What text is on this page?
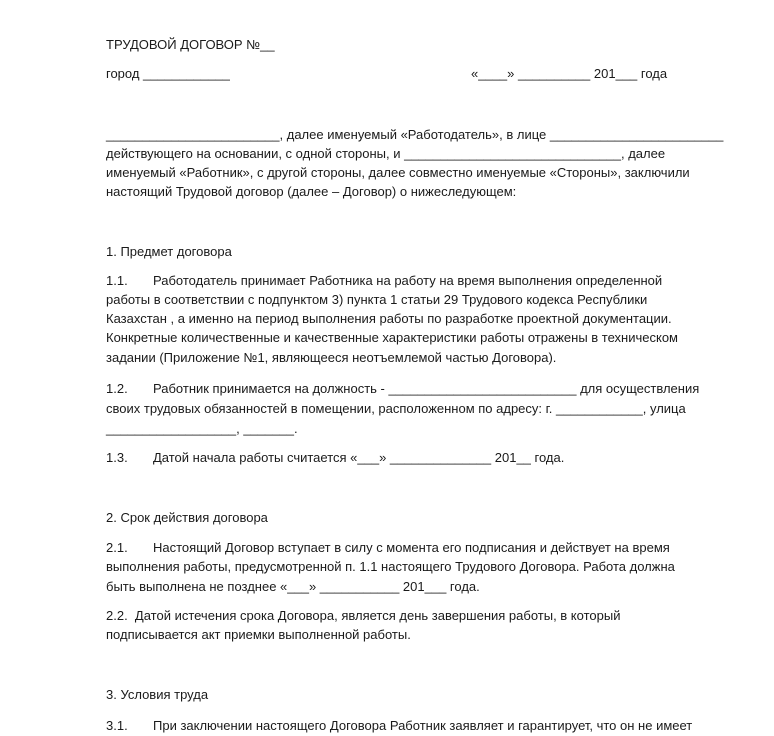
ТРУДОВОЙ ДОГОВОР №__
город ____________	«____» __________ 201___ года
________________________, далее именуемый «Работодатель», в лице ________________________
действующего на основании, с одной стороны, и ______________________________, далее
именуемый «Работник», с другой стороны, далее совместно именуемые «Стороны», заключили
настоящий Трудовой договор (далее – Договор) о нижеследующем:
1. Предмет договора
1.1. Работодатель принимает Работника на работу на время выполнения определенной
работы в соответствии с подпунктом 3) пункта 1 статьи 29 Трудового кодекса Республики
Казахстан , а именно на период выполнения работы по разработке проектной документации.
Конкретные количественные и качественные характеристики работы отражены в техническом
задании (Приложение №1, являющееся неотъемлемой частью Договора).
1.2. Работник принимается на должность - __________________________ для осуществления
своих трудовых обязанностей в помещении, расположенном по адресу: г. ____________, улица
__________________, _______.
1.3. Датой начала работы считается «___» ______________ 201__ года.
2. Срок действия договора
2.1. Настоящий Договор вступает в силу с момента его подписания и действует на время
выполнения работы, предусмотренной п. 1.1 настоящего Трудового Договора. Работа должна
быть выполнена не позднее «___» ___________ 201___ года.
2.2.  Датой истечения срока Договора, является день завершения работы, в который
подписывается акт приемки выполненной работы.
3. Условия труда
3.1. При заключении настоящего Договора Работник заявляет и гарантирует, что он не имеет
